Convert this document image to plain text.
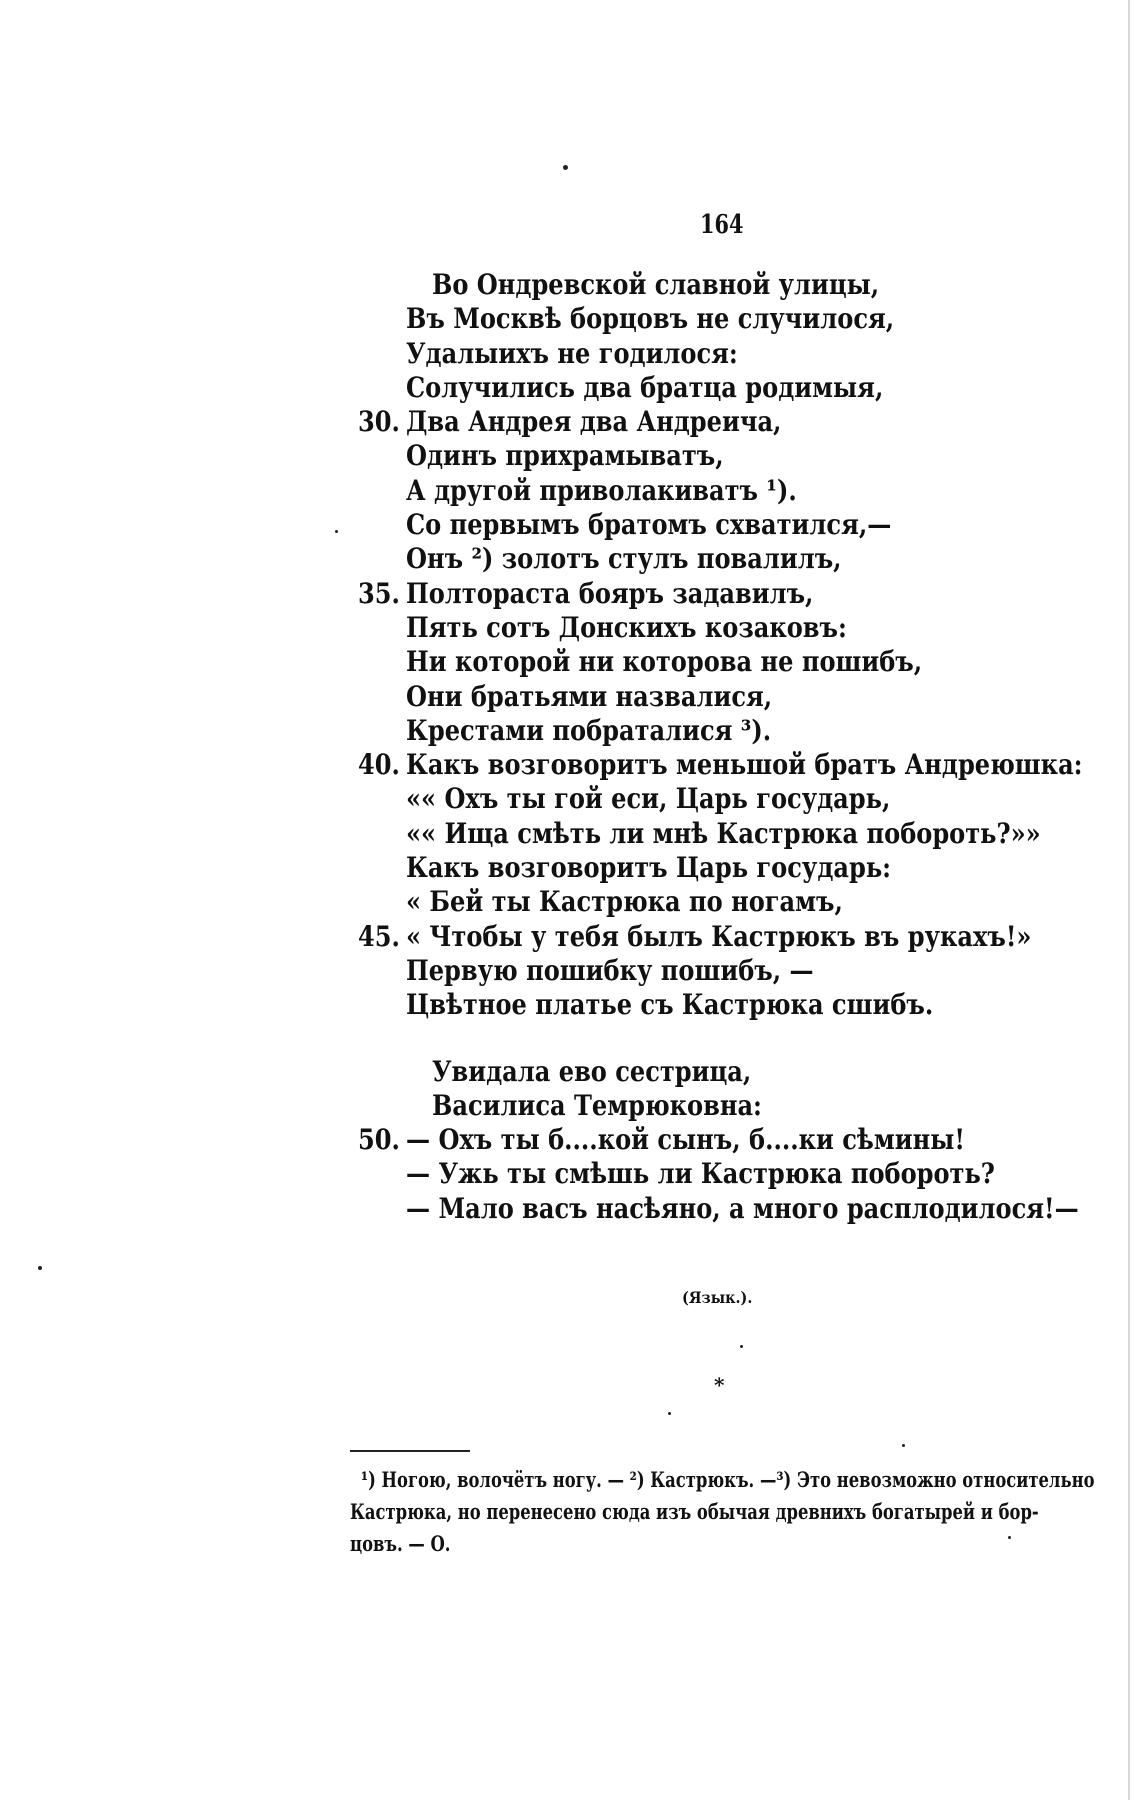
164
Во Ондревской славной улицы,
Въ Москвѣ борцовъ не случилося,
Удалыихъ не годилося:
Солучились два братца родимыя,
30. Два Андрея два Андреича,
Одинъ прихрамыватъ,
А другой приволакиватъ ¹).
Со первымъ братомъ схватился,—
Онъ ²) золотъ стулъ повалилъ,
35. Полтораста бояръ задавилъ,
Пять сотъ Донскихъ козаковъ:
Ни которой ни которова не пошибъ,
Они братьями назвалися,
Крестами побраталися ³).
40. Какъ возговоритъ меньшой братъ Андреюшка:
«« Охъ ты гой еси, Царь государь,
«« Ища смѣть ли мнѣ Кастрюка побороть?»»
Какъ возговоритъ Царь государь:
« Бей ты Кастрюка по ногамъ,
45. « Чтобы у тебя былъ Кастрюкъ въ рукахъ!»
Первую пошибку пошибъ, —
Цвѣтное платье съ Кастрюка сшибъ.
Увидала ево сестрица,
Василиса Темрюковна:
50. — Охъ ты б....кой сынъ, б....ки сѣмины!
— Ужь ты смѣшь ли Кастрюка побороть?
— Мало васъ насѣяно, а много расплодилося!—
(Язык.).
*
¹) Ногою, волочётъ ногу. — ²) Кастрюкъ. —³) Это невозможно относительно
Кастрюка, но перенесено сюда изъ обычая древнихъ богатырей и бор-
цовъ. — О.
